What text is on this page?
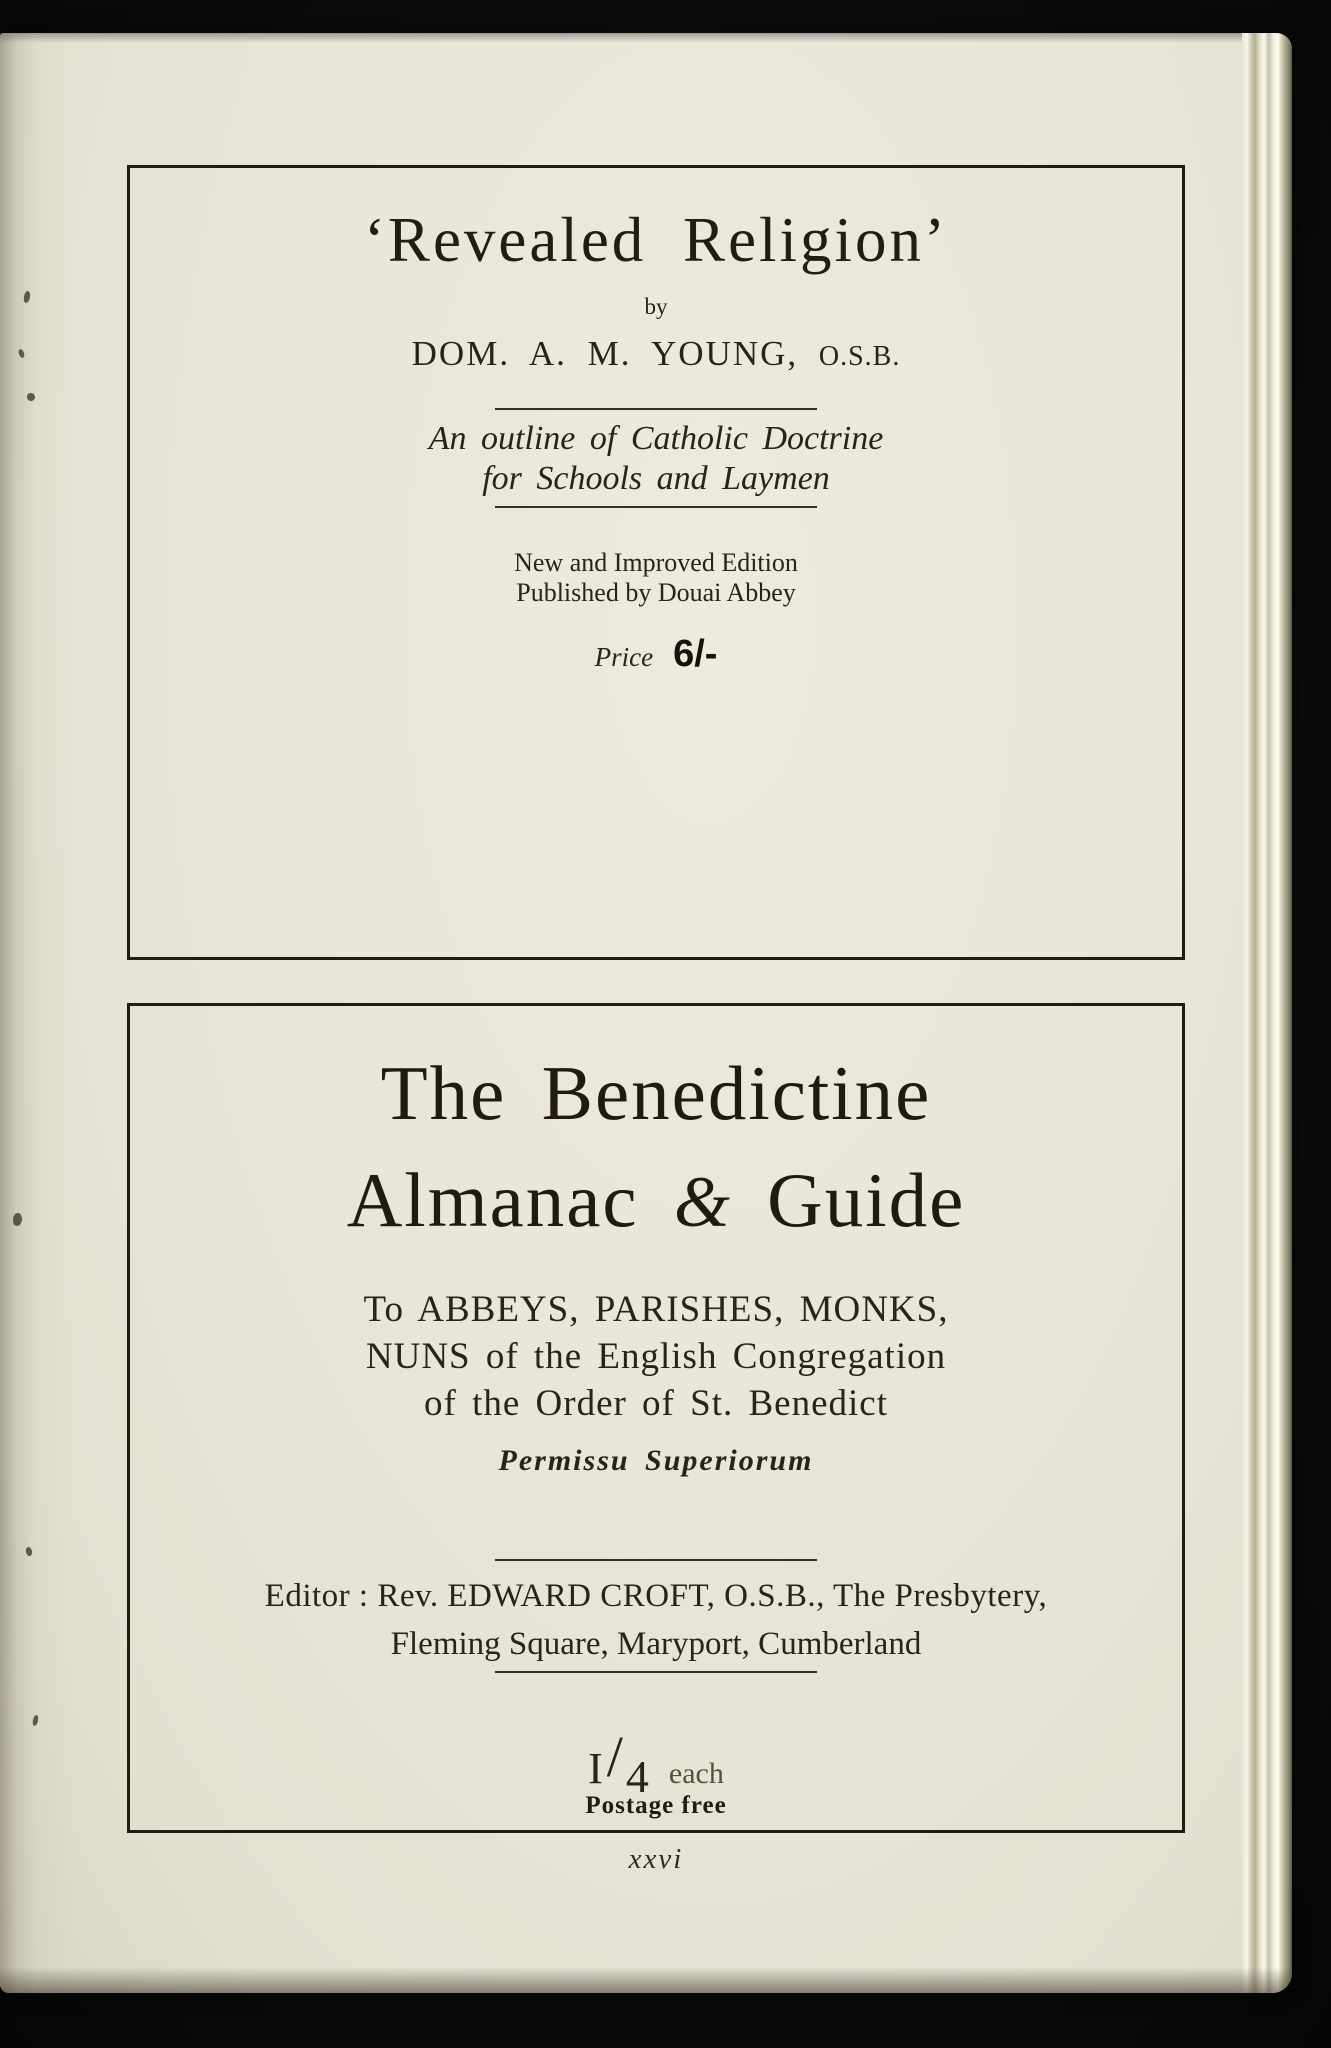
‘Revealed Religion’
by
DOM. A. M. YOUNG, O.S.B.
An outline of Catholic Doctrine
for Schools and Laymen
New and Improved Edition
Published by Douai Abbey
Price 6/-
The Benedictine
Almanac & Guide
To ABBEYS, PARISHES, MONKS,
NUNS of the English Congregation
of the Order of St. Benedict
Permissu Superiorum
Editor : Rev. EDWARD CROFT, O.S.B., The Presbytery,
Fleming Square, Maryport, Cumberland
I/4 each
Postage free
xxvi
